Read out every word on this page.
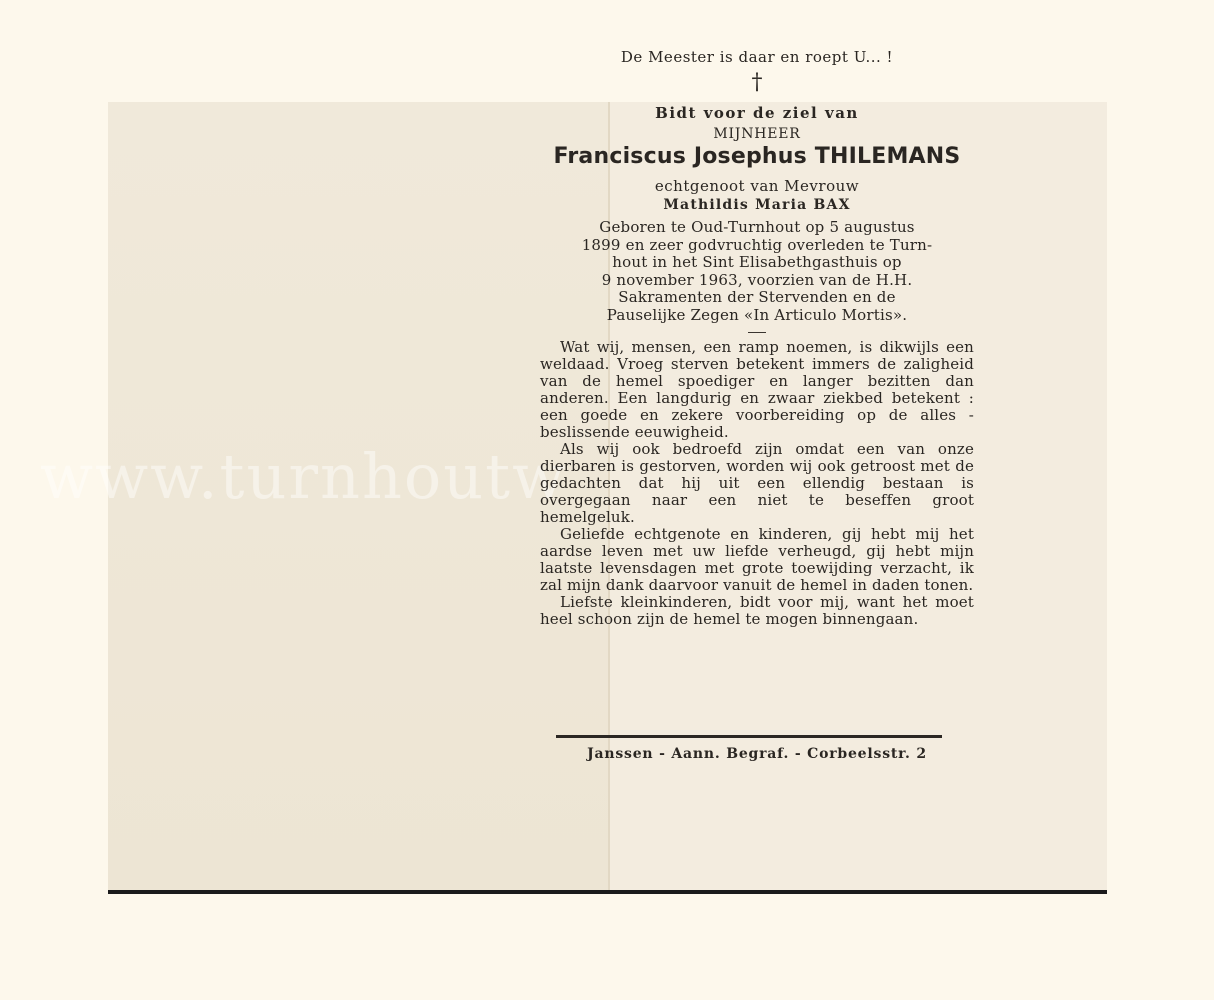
www.turnhoutw
De Meester is daar en roept U... !
†
Bidt voor de ziel van
MIJNHEER
Franciscus Josephus THILEMANS
echtgenoot van Mevrouw
Mathildis Maria BAX
Geboren te Oud-Turnhout op 5 augustus
1899 en zeer godvruchtig overleden te Turn-
hout in het Sint Elisabethgasthuis op
9 november 1963, voorzien van de H.H.
Sakramenten der Stervenden en de
Pauselijke Zegen «In Articulo Mortis».

Wat wij, mensen, een ramp noemen, is dikwijls een weldaad. Vroeg sterven betekent immers de zaligheid van de hemel spoediger en langer bezitten dan anderen. Een langdurig en zwaar ziekbed betekent : een goede en zekere voorbereiding op de alles - beslissende eeuwigheid.

Als wij ook bedroefd zijn omdat een van onze dierbaren is gestorven, worden wij ook getroost met de gedachten dat hij uit een ellendig bestaan is overgegaan naar een niet te beseffen groot hemelgeluk.

Geliefde echtgenote en kinderen, gij hebt mij het aardse leven met uw liefde verheugd, gij hebt mijn laatste levensdagen met grote toewijding verzacht, ik zal mijn dank daarvoor vanuit de hemel in daden tonen.

Liefste kleinkinderen, bidt voor mij, want het moet heel schoon zijn de hemel te mogen binnengaan.

Janssen - Aann. Begraf. - Corbeelsstr. 2
